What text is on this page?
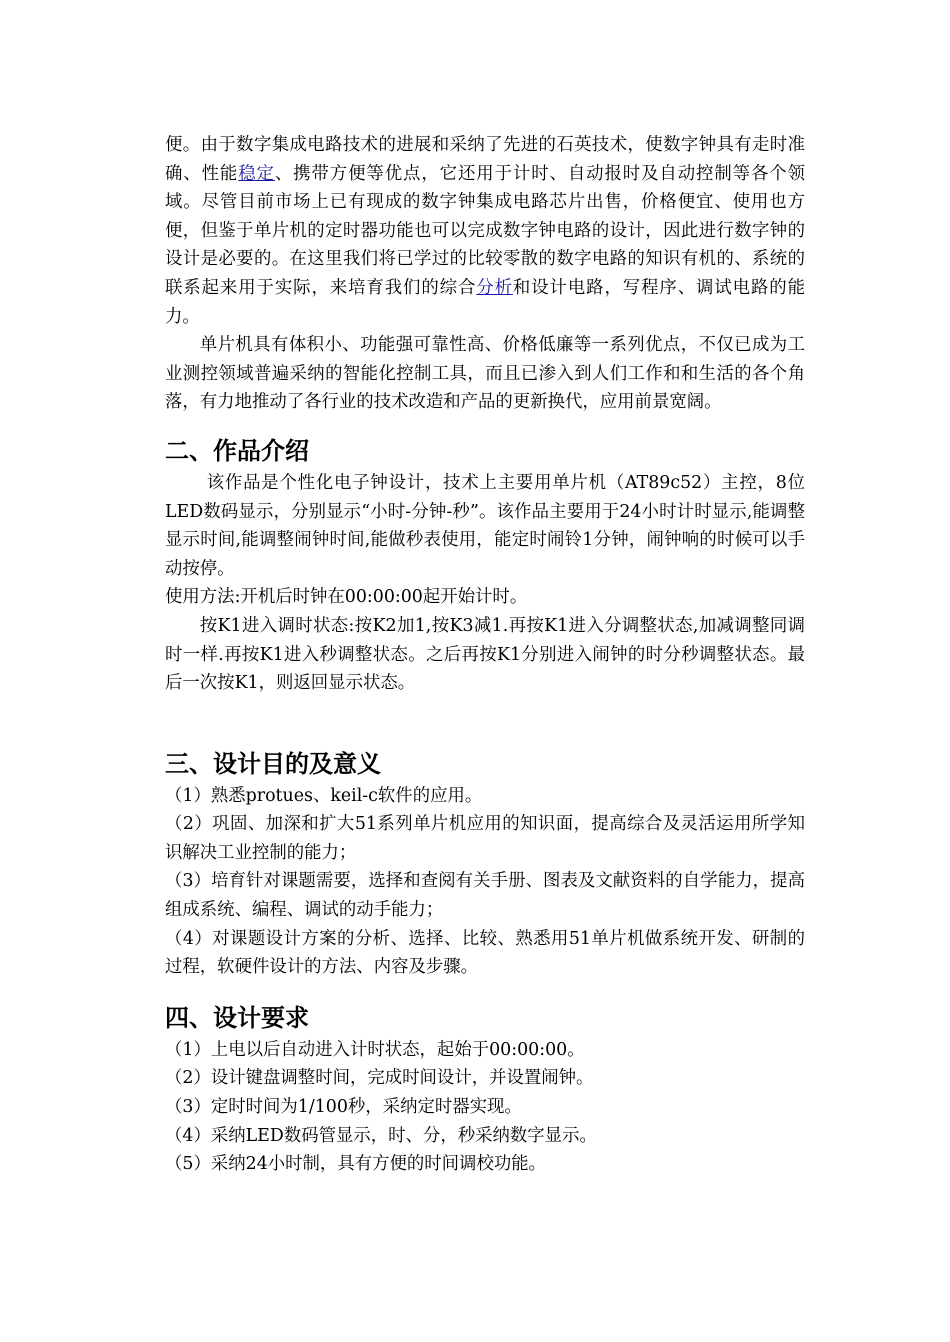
便。由于数字集成电路技术的进展和采纳了先进的石英技术，使数字钟具有走时准确、性能稳定、携带方便等优点，它还用于计时、自动报时及自动控制等各个领域。尽管目前市场上已有现成的数字钟集成电路芯片出售，价格便宜、使用也方便，但鉴于单片机的定时器功能也可以完成数字钟电路的设计，因此进行数字钟的设计是必要的。在这里我们将已学过的比较零散的数字电路的知识有机的、系统的联系起来用于实际，来培育我们的综合分析和设计电路，写程序、调试电路的能力。

单片机具有体积小、功能强可靠性高、价格低廉等一系列优点，不仅已成为工业测控领域普遍采纳的智能化控制工具，而且已渗入到人们工作和和生活的各个角落，有力地推动了各行业的技术改造和产品的更新换代，应用前景宽阔。

二、作品介绍

该作品是个性化电子钟设计，技术上主要用单片机（AT89c52）主控，8位LED数码显示，分别显示“小时-分钟-秒”。该作品主要用于24小时计时显示,能调整显示时间,能调整闹钟时间,能做秒表使用，能定时闹铃1分钟，闹钟响的时候可以手动按停。

使用方法:开机后时钟在00:00:00起开始计时。

按K1进入调时状态:按K2加1,按K3减1.再按K1进入分调整状态,加减调整同调时一样.再按K1进入秒调整状态。之后再按K1分别进入闹钟的时分秒调整状态。最后一次按K1，则返回显示状态。

三、设计目的及意义

（1）熟悉protues、keil-c软件的应用。

（2）巩固、加深和扩大51系列单片机应用的知识面，提高综合及灵活运用所学知识解决工业控制的能力；

（3）培育针对课题需要，选择和查阅有关手册、图表及文献资料的自学能力，提高组成系统、编程、调试的动手能力；

（4）对课题设计方案的分析、选择、比较、熟悉用51单片机做系统开发、研制的过程，软硬件设计的方法、内容及步骤。

四、设计要求

（1）上电以后自动进入计时状态，起始于00:00:00。

（2）设计键盘调整时间，完成时间设计，并设置闹钟。

（3）定时时间为1/100秒，采纳定时器实现。

（4）采纳LED数码管显示，时、分，秒采纳数字显示。

（5）采纳24小时制，具有方便的时间调校功能。
